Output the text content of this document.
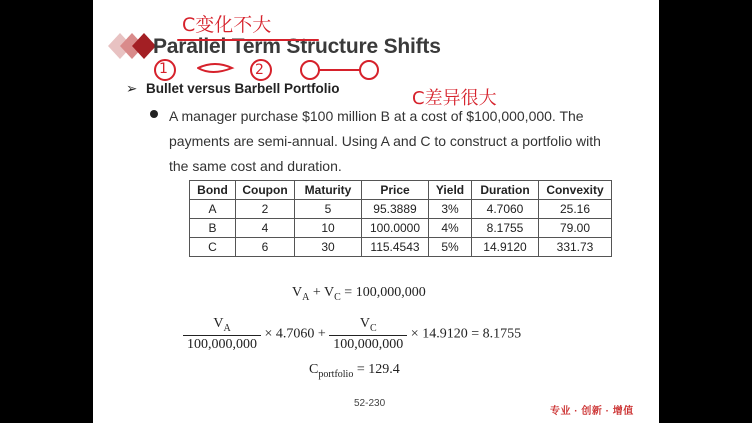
Parallel Term Structure Shifts
➢ Bullet versus Barbell Portfolio
A manager purchase $100 million B at a cost of $100,000,000. The
payments are semi-annual. Using A and C to construct a portfolio with
the same cost and duration.
Bond	Coupon	Maturity	Price	Yield	Duration	Convexity
A	2	5	95.3889	3%	4.7060	25.16
B	4	10	100.0000	4%	8.1755	79.00
C	6	30	115.4543	5%	14.9120	331.73
$V_A + V_C = 100,000,000$
$\frac{V_A}{100,000,000} \times 4.7060 + \frac{V_C}{100,000,000} \times 14.9120 = 8.1755$
$C_{portfolio} = 129.4$
52-230
专业 · 创新 · 增值
C变化不大
C差异很大
1	2
